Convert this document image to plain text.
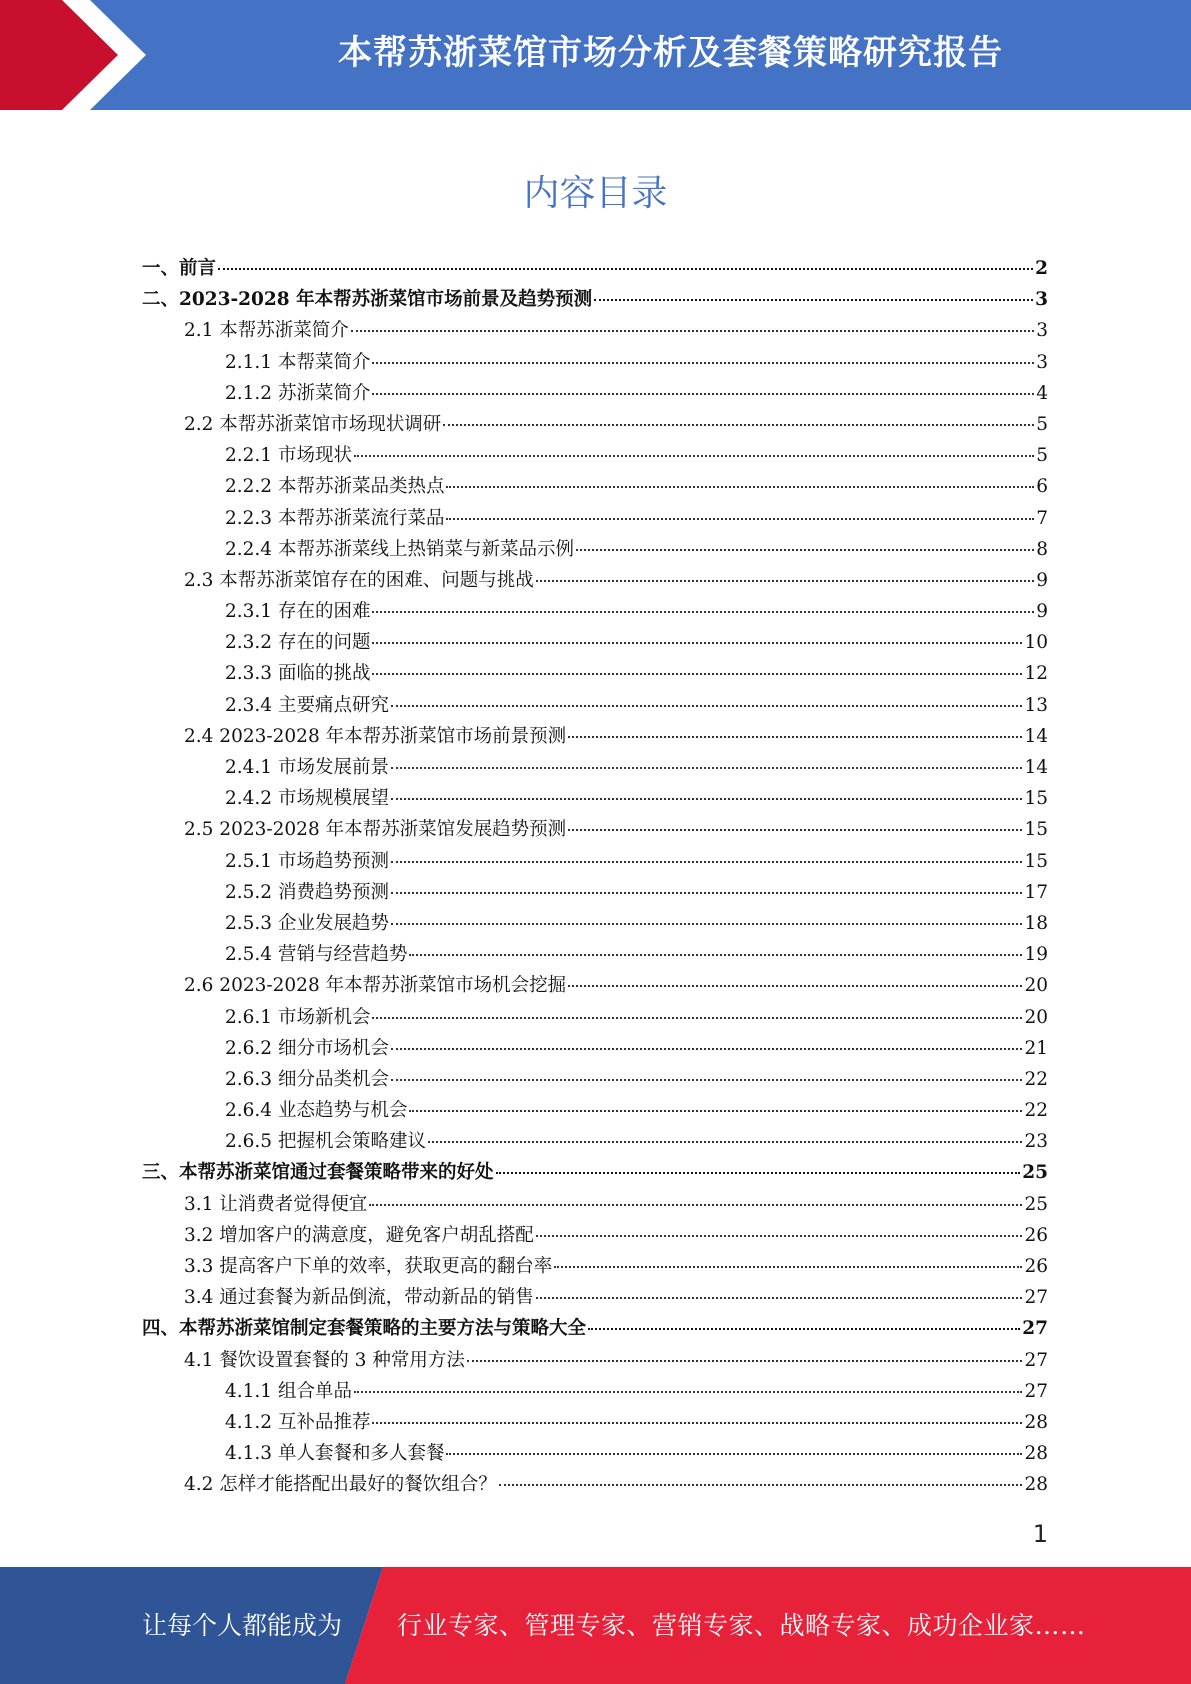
本帮苏浙菜馆市场分析及套餐策略研究报告
内容目录
一、前言	2
二、2023-2028 年本帮苏浙菜馆市场前景及趋势预测	3
2.1 本帮苏浙菜简介	3
2.1.1 本帮菜简介	3
2.1.2 苏浙菜简介	4
2.2 本帮苏浙菜馆市场现状调研	5
2.2.1 市场现状	5
2.2.2 本帮苏浙菜品类热点	6
2.2.3 本帮苏浙菜流行菜品	7
2.2.4 本帮苏浙菜线上热销菜与新菜品示例	8
2.3 本帮苏浙菜馆存在的困难、问题与挑战	9
2.3.1 存在的困难	9
2.3.2 存在的问题	10
2.3.3 面临的挑战	12
2.3.4 主要痛点研究	13
2.4 2023-2028 年本帮苏浙菜馆市场前景预测	14
2.4.1 市场发展前景	14
2.4.2 市场规模展望	15
2.5 2023-2028 年本帮苏浙菜馆发展趋势预测	15
2.5.1 市场趋势预测	15
2.5.2 消费趋势预测	17
2.5.3 企业发展趋势	18
2.5.4 营销与经营趋势	19
2.6 2023-2028 年本帮苏浙菜馆市场机会挖掘	20
2.6.1 市场新机会	20
2.6.2 细分市场机会	21
2.6.3 细分品类机会	22
2.6.4 业态趋势与机会	22
2.6.5 把握机会策略建议	23
三、本帮苏浙菜馆通过套餐策略带来的好处	25
3.1 让消费者觉得便宜	25
3.2 增加客户的满意度，避免客户胡乱搭配	26
3.3 提高客户下单的效率，获取更高的翻台率	26
3.4 通过套餐为新品倒流，带动新品的销售	27
四、本帮苏浙菜馆制定套餐策略的主要方法与策略大全	27
4.1 餐饮设置套餐的 3 种常用方法	27
4.1.1 组合单品	27
4.1.2 互补品推荐	28
4.1.3 单人套餐和多人套餐	28
4.2 怎样才能搭配出最好的餐饮组合？	28
1
让每个人都能成为 行业专家、管理专家、营销专家、战略专家、成功企业家……
